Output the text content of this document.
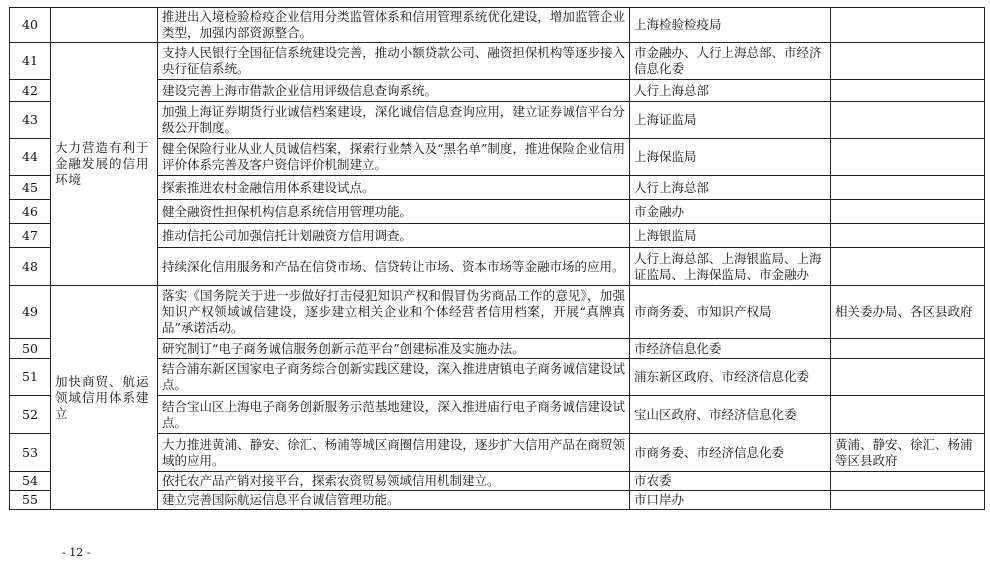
40		推进出入境检验检疫企业信用分类监管体系和信用管理系统优化建设，增加监管企业类型，加强内部资源整合。	上海检验检疫局	
41	大力营造有利于金融发展的信用环境	支持人民银行全国征信系统建设完善，推动小额贷款公司、融资担保机构等逐步接入央行征信系统。	市金融办、人行上海总部、市经济信息化委	
42		建设完善上海市借款企业信用评级信息查询系统。	人行上海总部	
43		加强上海证券期货行业诚信档案建设，深化诚信信息查询应用，建立证券诚信平台分级公开制度。	上海证监局	
44		健全保险行业从业人员诚信档案，探索行业禁入及“黑名单”制度，推进保险企业信用评价体系完善及客户资信评价机制建立。	上海保监局	
45		探索推进农村金融信用体系建设试点。	人行上海总部	
46		健全融资性担保机构信息系统信用管理功能。	市金融办	
47		推动信托公司加强信托计划融资方信用调查。	上海银监局	
48		持续深化信用服务和产品在信贷市场、信贷转让市场、资本市场等金融市场的应用。	人行上海总部、上海银监局、上海证监局、上海保监局、市金融办	
49	加快商贸、航运领域信用体系建立	落实《国务院关于进一步做好打击侵犯知识产权和假冒伪劣商品工作的意见》，加强知识产权领域诚信建设，逐步建立相关企业和个体经营者信用档案，开展“真牌真品”承诺活动。	市商务委、市知识产权局	相关委办局、各区县政府
50		研究制订“电子商务诚信服务创新示范平台”创建标准及实施办法。	市经济信息化委	
51		结合浦东新区国家电子商务综合创新实践区建设，深入推进唐镇电子商务诚信建设试点。	浦东新区政府、市经济信息化委	
52		结合宝山区上海电子商务创新服务示范基地建设，深入推进庙行电子商务诚信建设试点。	宝山区政府、市经济信息化委	
53		大力推进黄浦、静安、徐汇、杨浦等城区商圈信用建设，逐步扩大信用产品在商贸领域的应用。	市商务委、市经济信息化委	黄浦、静安、徐汇、杨浦等区县政府
54		依托农产品产销对接平台，探索农资贸易领域信用机制建立。	市农委	
55		建立完善国际航运信息平台诚信管理功能。	市口岸办	
- 12 -
